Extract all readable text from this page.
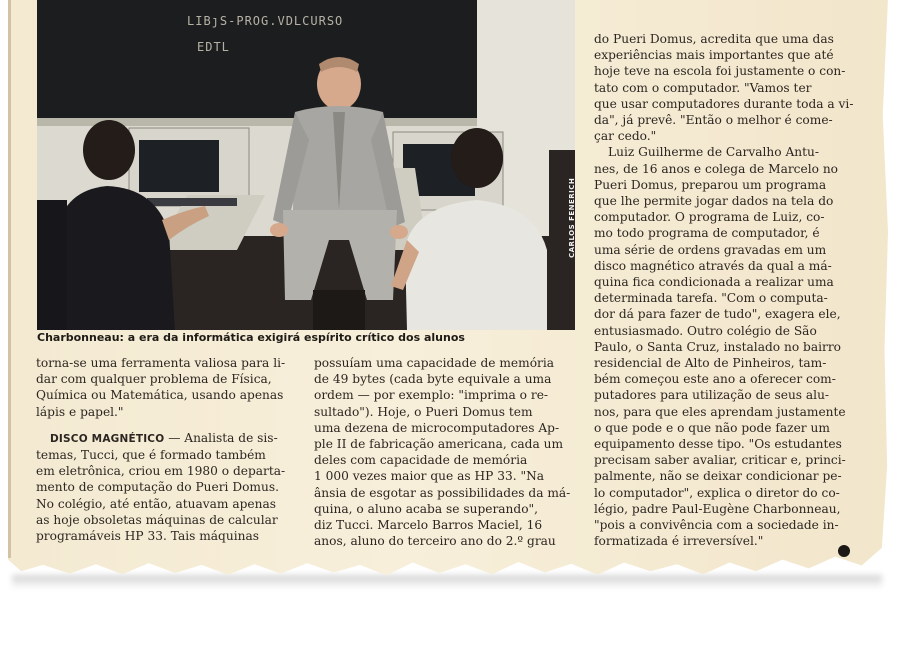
LIBȷS-PROG.VDLCURSO
EDTL
CARLOS FENERICH
Charbonneau: a era da informática exigirá espírito crítico dos alunos
torna-se uma ferramenta valiosa para li-
dar com qualquer problema de Física,
Química ou Matemática, usando apenas
lápis e papel."
DISCO MAGNÉTICO — Analista de sis-
temas, Tucci, que é formado também
em eletrônica, criou em 1980 o departa-
mento de computação do Pueri Domus.
No colégio, até então, atuavam apenas
as hoje obsoletas máquinas de calcular
programáveis HP 33. Tais máquinas
possuíam uma capacidade de memória
de 49 bytes (cada byte equivale a uma
ordem — por exemplo: "imprima o re-
sultado"). Hoje, o Pueri Domus tem
uma dezena de microcomputadores Ap-
ple II de fabricação americana, cada um
deles com capacidade de memória
1 000 vezes maior que as HP 33. "Na
ânsia de esgotar as possibilidades da má-
quina, o aluno acaba se superando",
diz Tucci. Marcelo Barros Maciel, 16
anos, aluno do terceiro ano do 2.º grau
do Pueri Domus, acredita que uma das
experiências mais importantes que até
hoje teve na escola foi justamente o con-
tato com o computador. "Vamos ter
que usar computadores durante toda a vi-
da", já prevê. "Então o melhor é come-
çar cedo."
Luiz Guilherme de Carvalho Antu-
nes, de 16 anos e colega de Marcelo no
Pueri Domus, preparou um programa
que lhe permite jogar dados na tela do
computador. O programa de Luiz, co-
mo todo programa de computador, é
uma série de ordens gravadas em um
disco magnético através da qual a má-
quina fica condicionada a realizar uma
determinada tarefa. "Com o computa-
dor dá para fazer de tudo", exagera ele,
entusiasmado. Outro colégio de São
Paulo, o Santa Cruz, instalado no bairro
residencial de Alto de Pinheiros, tam-
bém começou este ano a oferecer com-
putadores para utilização de seus alu-
nos, para que eles aprendam justamente
o que pode e o que não pode fazer um
equipamento desse tipo. "Os estudantes
precisam saber avaliar, criticar e, princi-
palmente, não se deixar condicionar pe-
lo computador", explica o diretor do co-
légio, padre Paul-Eugène Charbonneau,
"pois a convivência com a sociedade in-
formatizada é irreversível."
